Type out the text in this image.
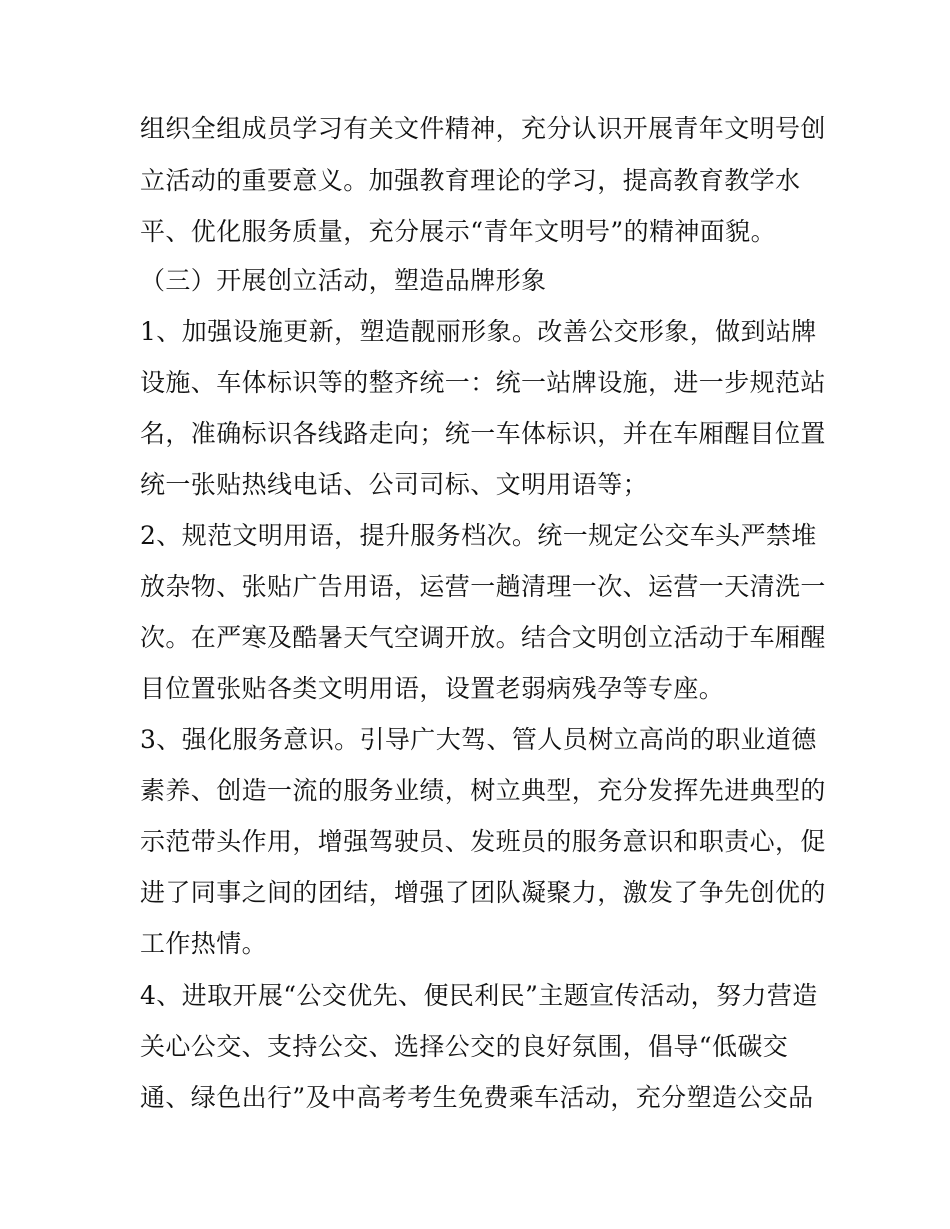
组织全组成员学习有关文件精神，充分认识开展青年文明号创
立活动的重要意义。加强教育理论的学习，提高教育教学水
平、优化服务质量，充分展示“青年文明号”的精神面貌。
（三）开展创立活动，塑造品牌形象
1、加强设施更新，塑造靓丽形象。改善公交形象，做到站牌
设施、车体标识等的整齐统一：统一站牌设施，进一步规范站
名，准确标识各线路走向；统一车体标识，并在车厢醒目位置
统一张贴热线电话、公司司标、文明用语等；
2、规范文明用语，提升服务档次。统一规定公交车头严禁堆
放杂物、张贴广告用语，运营一趟清理一次、运营一天清洗一
次。在严寒及酷暑天气空调开放。结合文明创立活动于车厢醒
目位置张贴各类文明用语，设置老弱病残孕等专座。
3、强化服务意识。引导广大驾、管人员树立高尚的职业道德
素养、创造一流的服务业绩，树立典型，充分发挥先进典型的
示范带头作用，增强驾驶员、发班员的服务意识和职责心，促
进了同事之间的团结，增强了团队凝聚力，激发了争先创优的
工作热情。
4、进取开展“公交优先、便民利民”主题宣传活动，努力营造
关心公交、支持公交、选择公交的良好氛围，倡导“低碳交
通、绿色出行”及中高考考生免费乘车活动，充分塑造公交品
